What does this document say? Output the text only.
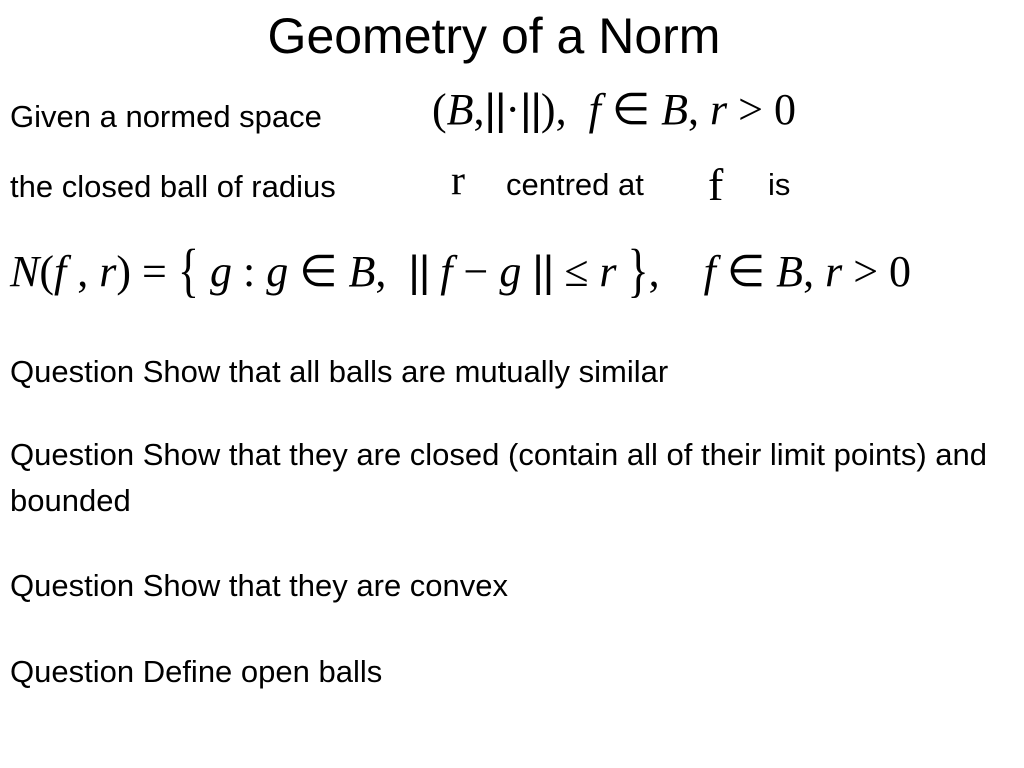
Geometry of a Norm
Given a normed space	(B,||·||),  f ∈ B, r > 0
the closed ball of radius	r centred at f is
N(f , r) = { g : g ∈ B,  || f − g || ≤ r },    f ∈ B, r > 0
Question Show that all balls are mutually similar
Question Show that they are closed (contain all of their limit points) and bounded
Question Show that they are convex
Question Define open balls
